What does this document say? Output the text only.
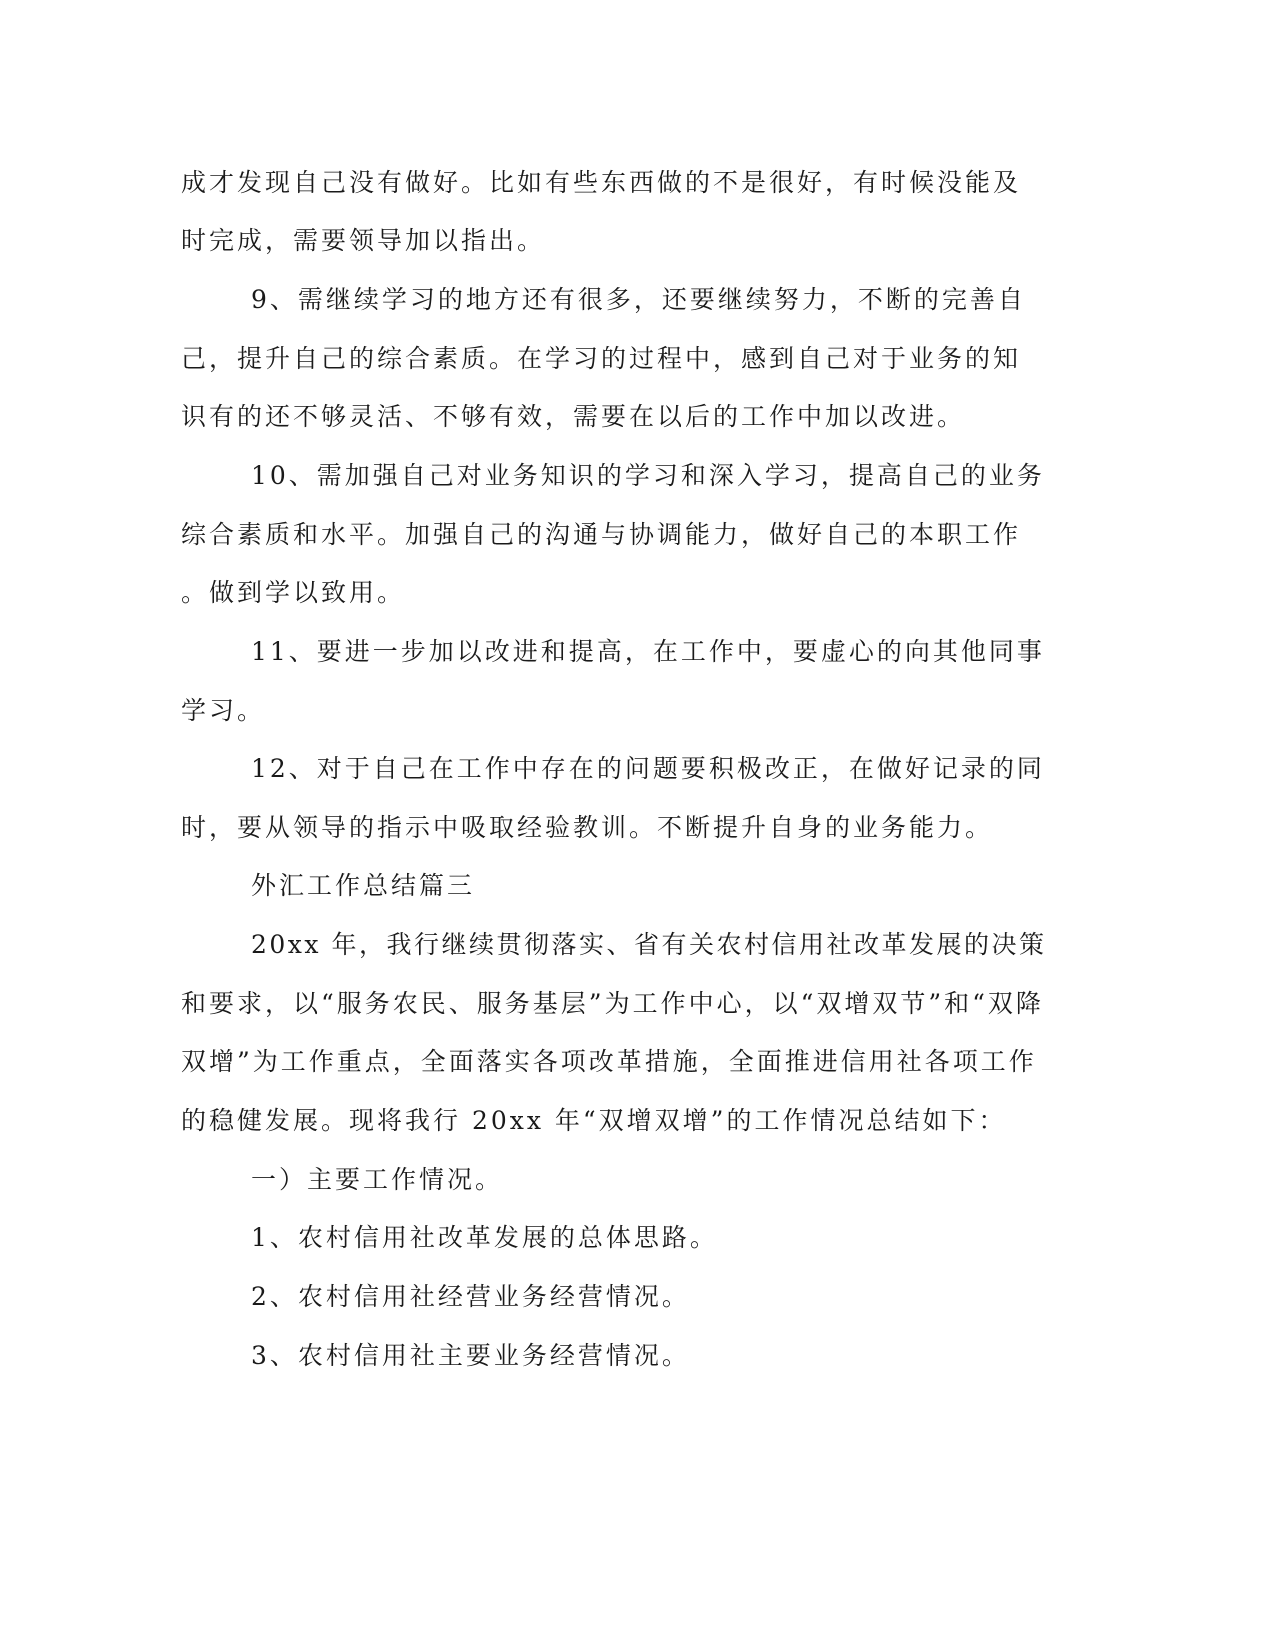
成才发现自己没有做好。比如有些东西做的不是很好，有时候没能及

时完成，需要领导加以指出。

9、需继续学习的地方还有很多，还要继续努力，不断的完善自

己，提升自己的综合素质。在学习的过程中，感到自己对于业务的知

识有的还不够灵活、不够有效，需要在以后的工作中加以改进。

10、需加强自己对业务知识的学习和深入学习，提高自己的业务

综合素质和水平。加强自己的沟通与协调能力，做好自己的本职工作

。做到学以致用。

11、要进一步加以改进和提高，在工作中，要虚心的向其他同事

学习。

12、对于自己在工作中存在的问题要积极改正，在做好记录的同

时，要从领导的指示中吸取经验教训。不断提升自身的业务能力。

外汇工作总结篇三

20xx 年，我行继续贯彻落实、省有关农村信用社改革发展的决策

和要求，以“服务农民、服务基层”为工作中心，以“双增双节”和“双降

双增”为工作重点，全面落实各项改革措施，全面推进信用社各项工作

的稳健发展。现将我行 20xx 年“双增双增”的工作情况总结如下：

一）主要工作情况。

1、农村信用社改革发展的总体思路。

2、农村信用社经营业务经营情况。

3、农村信用社主要业务经营情况。
